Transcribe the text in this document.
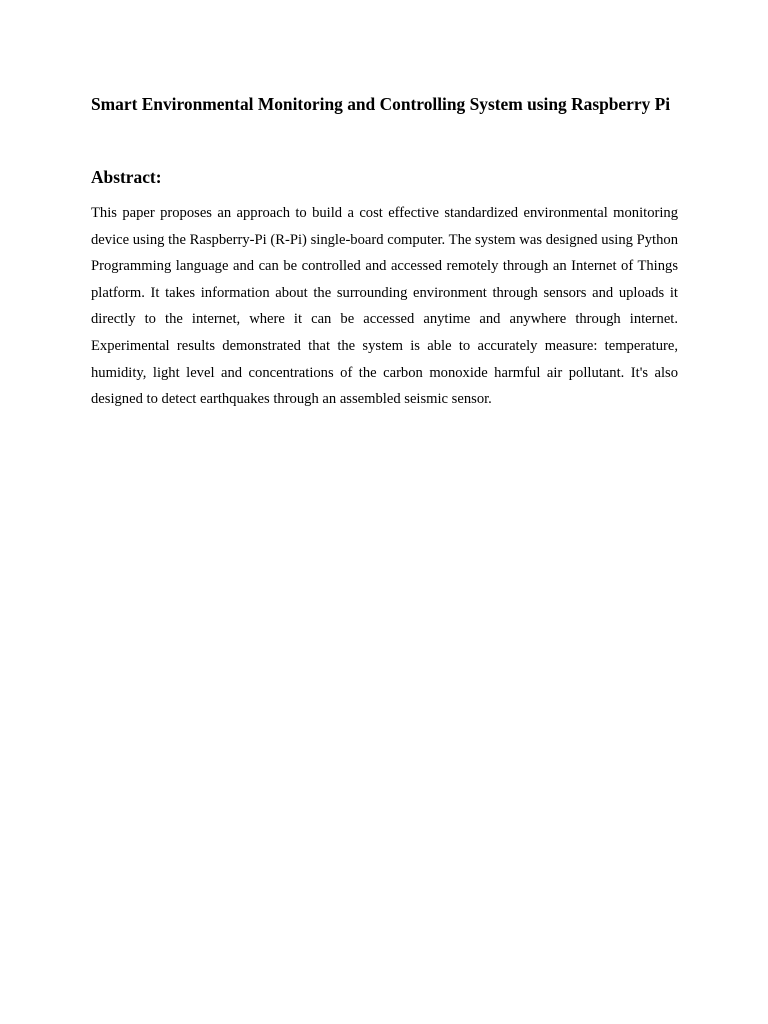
Smart Environmental Monitoring and Controlling System using Raspberry Pi
Abstract:

This paper proposes an approach to build a cost effective standardized environmental monitoring device using the Raspberry-Pi (R-Pi) single-board computer. The system was designed using Python Programming language and can be controlled and accessed remotely through an Internet of Things platform. It takes information about the surrounding environment through sensors and uploads it directly to the internet, where it can be accessed anytime and anywhere through internet. Experimental results demonstrated that the system is able to accurately measure: temperature, humidity, light level and concentrations of the carbon monoxide harmful air pollutant. It's also designed to detect earthquakes through an assembled seismic sensor.
